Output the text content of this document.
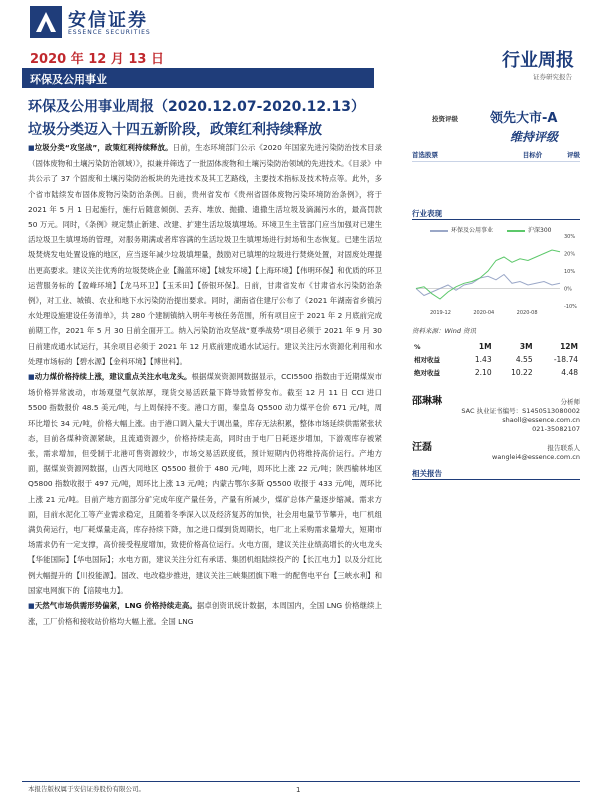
安信证券
ESSENCE SECURITIES
2020 年 12 月 13 日	行业周报
证券研究报告
环保及公用事业
环保及公用事业周报（2020.12.07-2020.12.13）
垃圾分类迈入十四五新阶段，政策红利持续释放
投资评级 领先大市-A
维持评级
首选股票	目标价	评级
行业表现
环保及公用事业	沪深300
30%
20%
10%
0%
-10%
2019-12	2020-04	2020-08
资料来源：Wind 资讯
%	1M	3M	12M
相对收益	1.43	4.55	-18.74
绝对收益	2.10	10.22	4.48
邵琳琳	分析师
SAC 执业证书编号：S1450513080002
shaoll@essence.com.cn
021-35082107
汪磊	报告联系人
wanglei4@essence.com.cn
相关报告

■垃圾分类“攻坚战”，政策红利持续释放。日前，生态环境部门公示《2020 年国家先进污染防治技术目录（固体废物和土壤污染防治领域）》，拟兼并筛选了一批固体废物和土壤污染防治领域的先进技术。《目录》中共公示了 37 个固废和土壤污染防治板块的先进技术及其工艺路线，主要技术指标及技术特点等。此外，多个省市陆续发布固体废物污染防治条例。日前，贵州省发布《贵州省固体废物污染环境防治条例》，将于 2021 年 5 月 1 日起施行，施行后随意倾倒、丢弃、堆放、抛撒、遗撒生活垃圾及滴漏污水的，最高罚款 50 万元。同时，《条例》规定禁止新建、改建、扩建生活垃圾填埋场。环境卫生主管部门应当加强对已建生活垃圾卫生填埋场的管理，对服务期满或者库容满的生活垃圾卫生填埋场进行封场和生态恢复。已建生活垃圾焚烧发电处置设施的地区，应当逐年减少垃圾填埋量，鼓励对已填埋的垃圾进行焚烧处置，对固废处理提出更高要求。建议关注优秀的垃圾焚烧企业【瀚蓝环境】【城发环境】【上海环境】【伟明环保】和优质的环卫运营服务标的【盈峰环境】【龙马环卫】【玉禾田】【侨银环保】。日前，甘肃省发布《甘肃省水污染防治条例》，对工业、城镇、农业和地下水污染防治提出要求。同时，湖南省住建厅公布了《2021 年湖南省乡镇污水处理设施建设任务清单》，共 280 个建制镇纳入明年考核任务范围，所有项目应于 2021 年 2 月底前完成前期工作，2021 年 5 月 30 日前全面开工。纳入污染防治攻坚战“夏季战势”项目必须于 2021 年 9 月 30 日前建成通水试运行，其余项目必须于 2021 年 12 月底前建成通水试运行。建议关注污水资源化利用和水处理市场标的【碧水源】【金科环境】【博世科】。

■动力煤价格持续上涨，建议重点关注水电龙头。根据煤炭资源网数据显示，CCI5500 指数由于近期煤炭市场价格异常波动，市场观望气氛浓厚，现货交易活跃量下降导致暂停发布。截至 12 月 11 日 CCI 进口 5500 指数报价 48.5 美元/吨，与上周保持不变。港口方面，秦皇岛 Q5500 动力煤平仓价 671 元/吨，周环比增长 34 元/吨，价格大幅上涨。由于港口调入量大于调出量，库存无法积累，整体市场延续供需紧张状态，目前各煤种资源紧缺，且流通资源少，价格持续走高，同时由于电厂日耗逐步增加，下游观库存被紧张，需求增加，但受制于北港可售资源较少，市场交易活跃度低，预计短期内仍将维持高价运行。产地方面，据煤炭资源网数据，山西大同地区 Q5500 报价于 480 元/吨，周环比上涨 22 元/吨；陕西榆林地区 Q5800 指数收报于 497 元/吨，周环比上涨 13 元/吨；内蒙古鄂尔多斯 Q5500 收报于 433 元/吨，周环比上涨 21 元/吨。目前产地方面部分矿完成年度产量任务，产量有所减少，煤矿总体产量逐步缩减。需求方面，目前水泥化工等产业需求稳定，且随着冬季深入以及经济复苏的加快，社会用电量节节攀升，电厂机组满负荷运行，电厂耗煤量走高，库存持续下降，加之进口煤到货周期长，电厂北上采购需求量增大，短期市场需求仍有一定支撑，高价接受程度增加，致使价格高位运行。火电方面，建议关注业绩高增长的火电龙头【华能国际】【华电国际】；水电方面，建议关注分红有承诺、集团机组陆续投产的【长江电力】以及分红比例大幅提升的【川投能源】。国改、电改稳步推进，建议关注三峡集团旗下唯一的配售电平台【三峡水利】和国家电网旗下的【涪陵电力】。

■天然气市场供需形势偏紧，LNG 价格持续走高。据卓创资讯统计数据，本周国内，全国 LNG 价格继续上涨，工厂价格和接收站价格均大幅上涨。全国 LNG

本报告版权属于安信证券股份有限公司。	1
